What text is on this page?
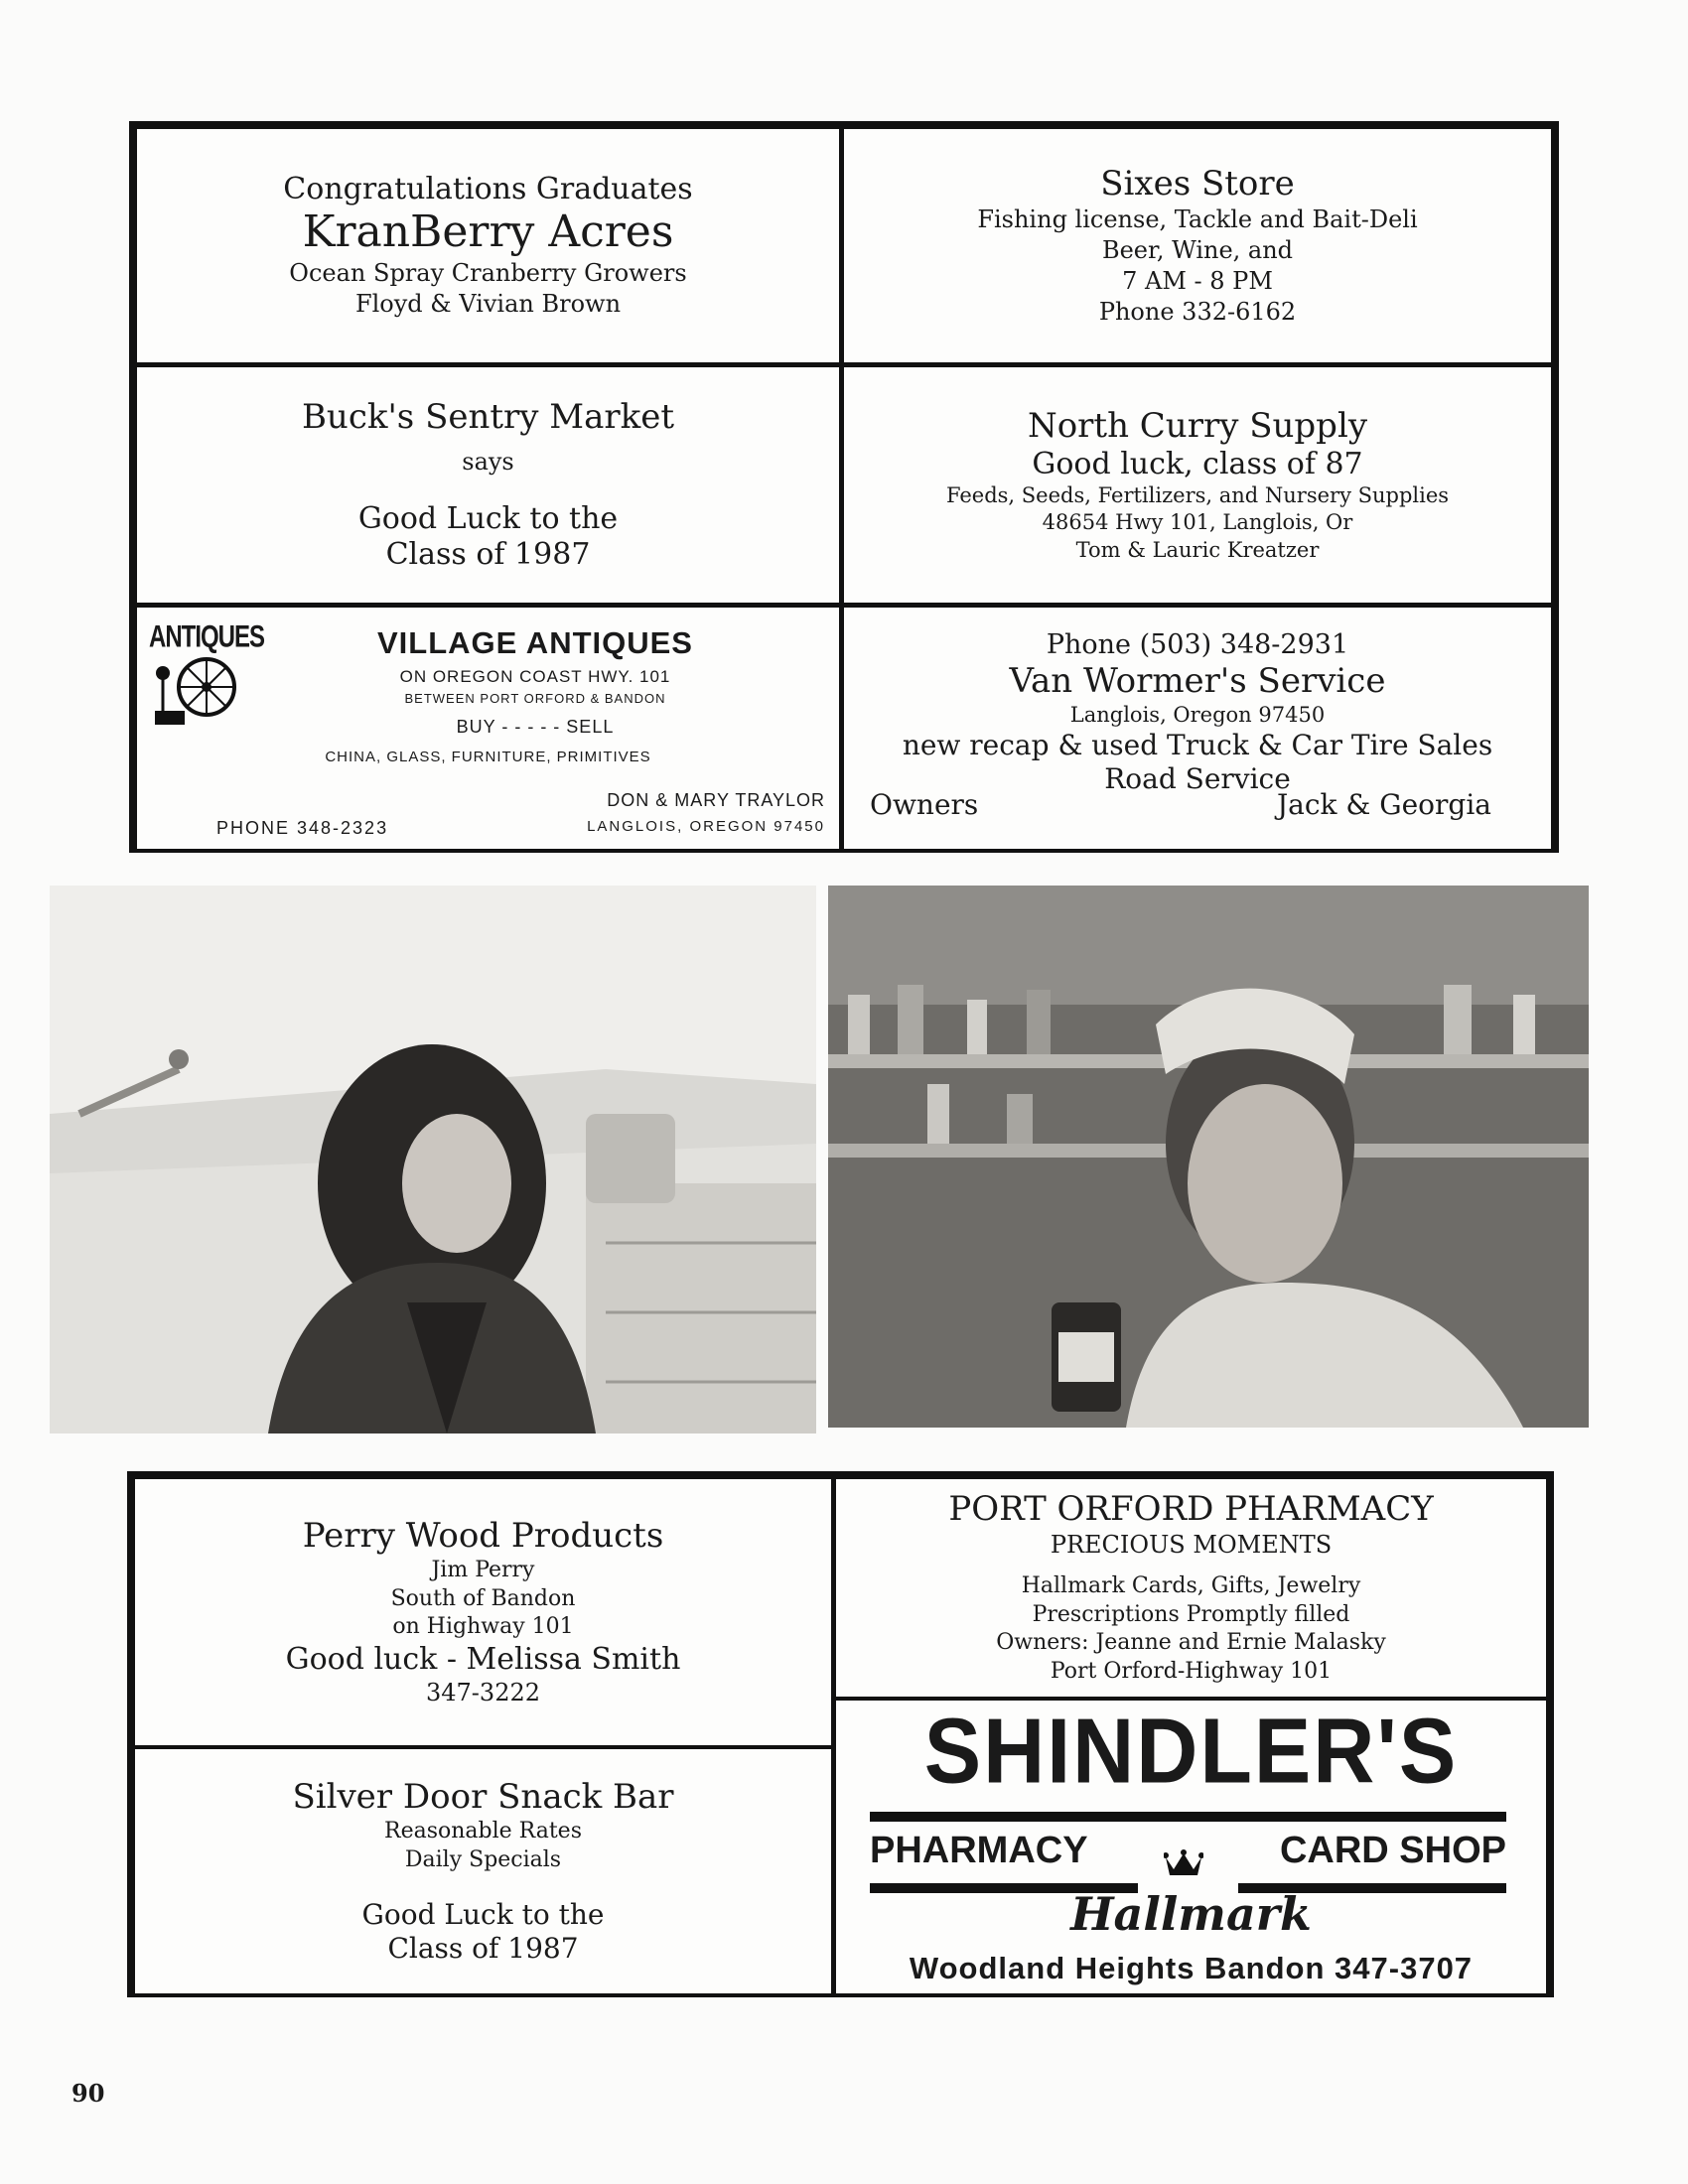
Congratulations Graduates
KranBerry Acres
Ocean Spray Cranberry Growers
Floyd & Vivian Brown
Sixes Store
Fishing license, Tackle and Bait-Deli
Beer, Wine, and
7 AM - 8 PM
Phone 332-6162
Buck's Sentry Market
says
Good Luck to the
Class of 1987
North Curry Supply
Good luck, class of 87
Feeds, Seeds, Fertilizers, and Nursery Supplies
48654 Hwy 101, Langlois, Or
Tom & Lauric Kreatzer
ANTIQUES	VILLAGE ANTIQUES
ON OREGON COAST HWY. 101
BETWEEN PORT ORFORD & BANDON
BUY - - - - - SELL
CHINA, GLASS, FURNITURE, PRIMITIVES
DON & MARY TRAYLOR
PHONE 348-2323	LANGLOIS, OREGON 97450
Phone (503) 348-2931
Van Wormer's Service
Langlois, Oregon 97450
new recap & used Truck & Car Tire Sales
Road Service
Owners	Jack & Georgia
Perry Wood Products
Jim Perry
South of Bandon
on Highway 101
Good luck - Melissa Smith
347-3222
PORT ORFORD PHARMACY
PRECIOUS MOMENTS
Hallmark Cards, Gifts, Jewelry
Prescriptions Promptly filled
Owners: Jeanne and Ernie Malasky
Port Orford-Highway 101
Silver Door Snack Bar
Reasonable Rates
Daily Specials
Good Luck to the
Class of 1987
SHINDLER'S
PHARMACY	CARD SHOP
Hallmark
Woodland Heights Bandon 347-3707
90
